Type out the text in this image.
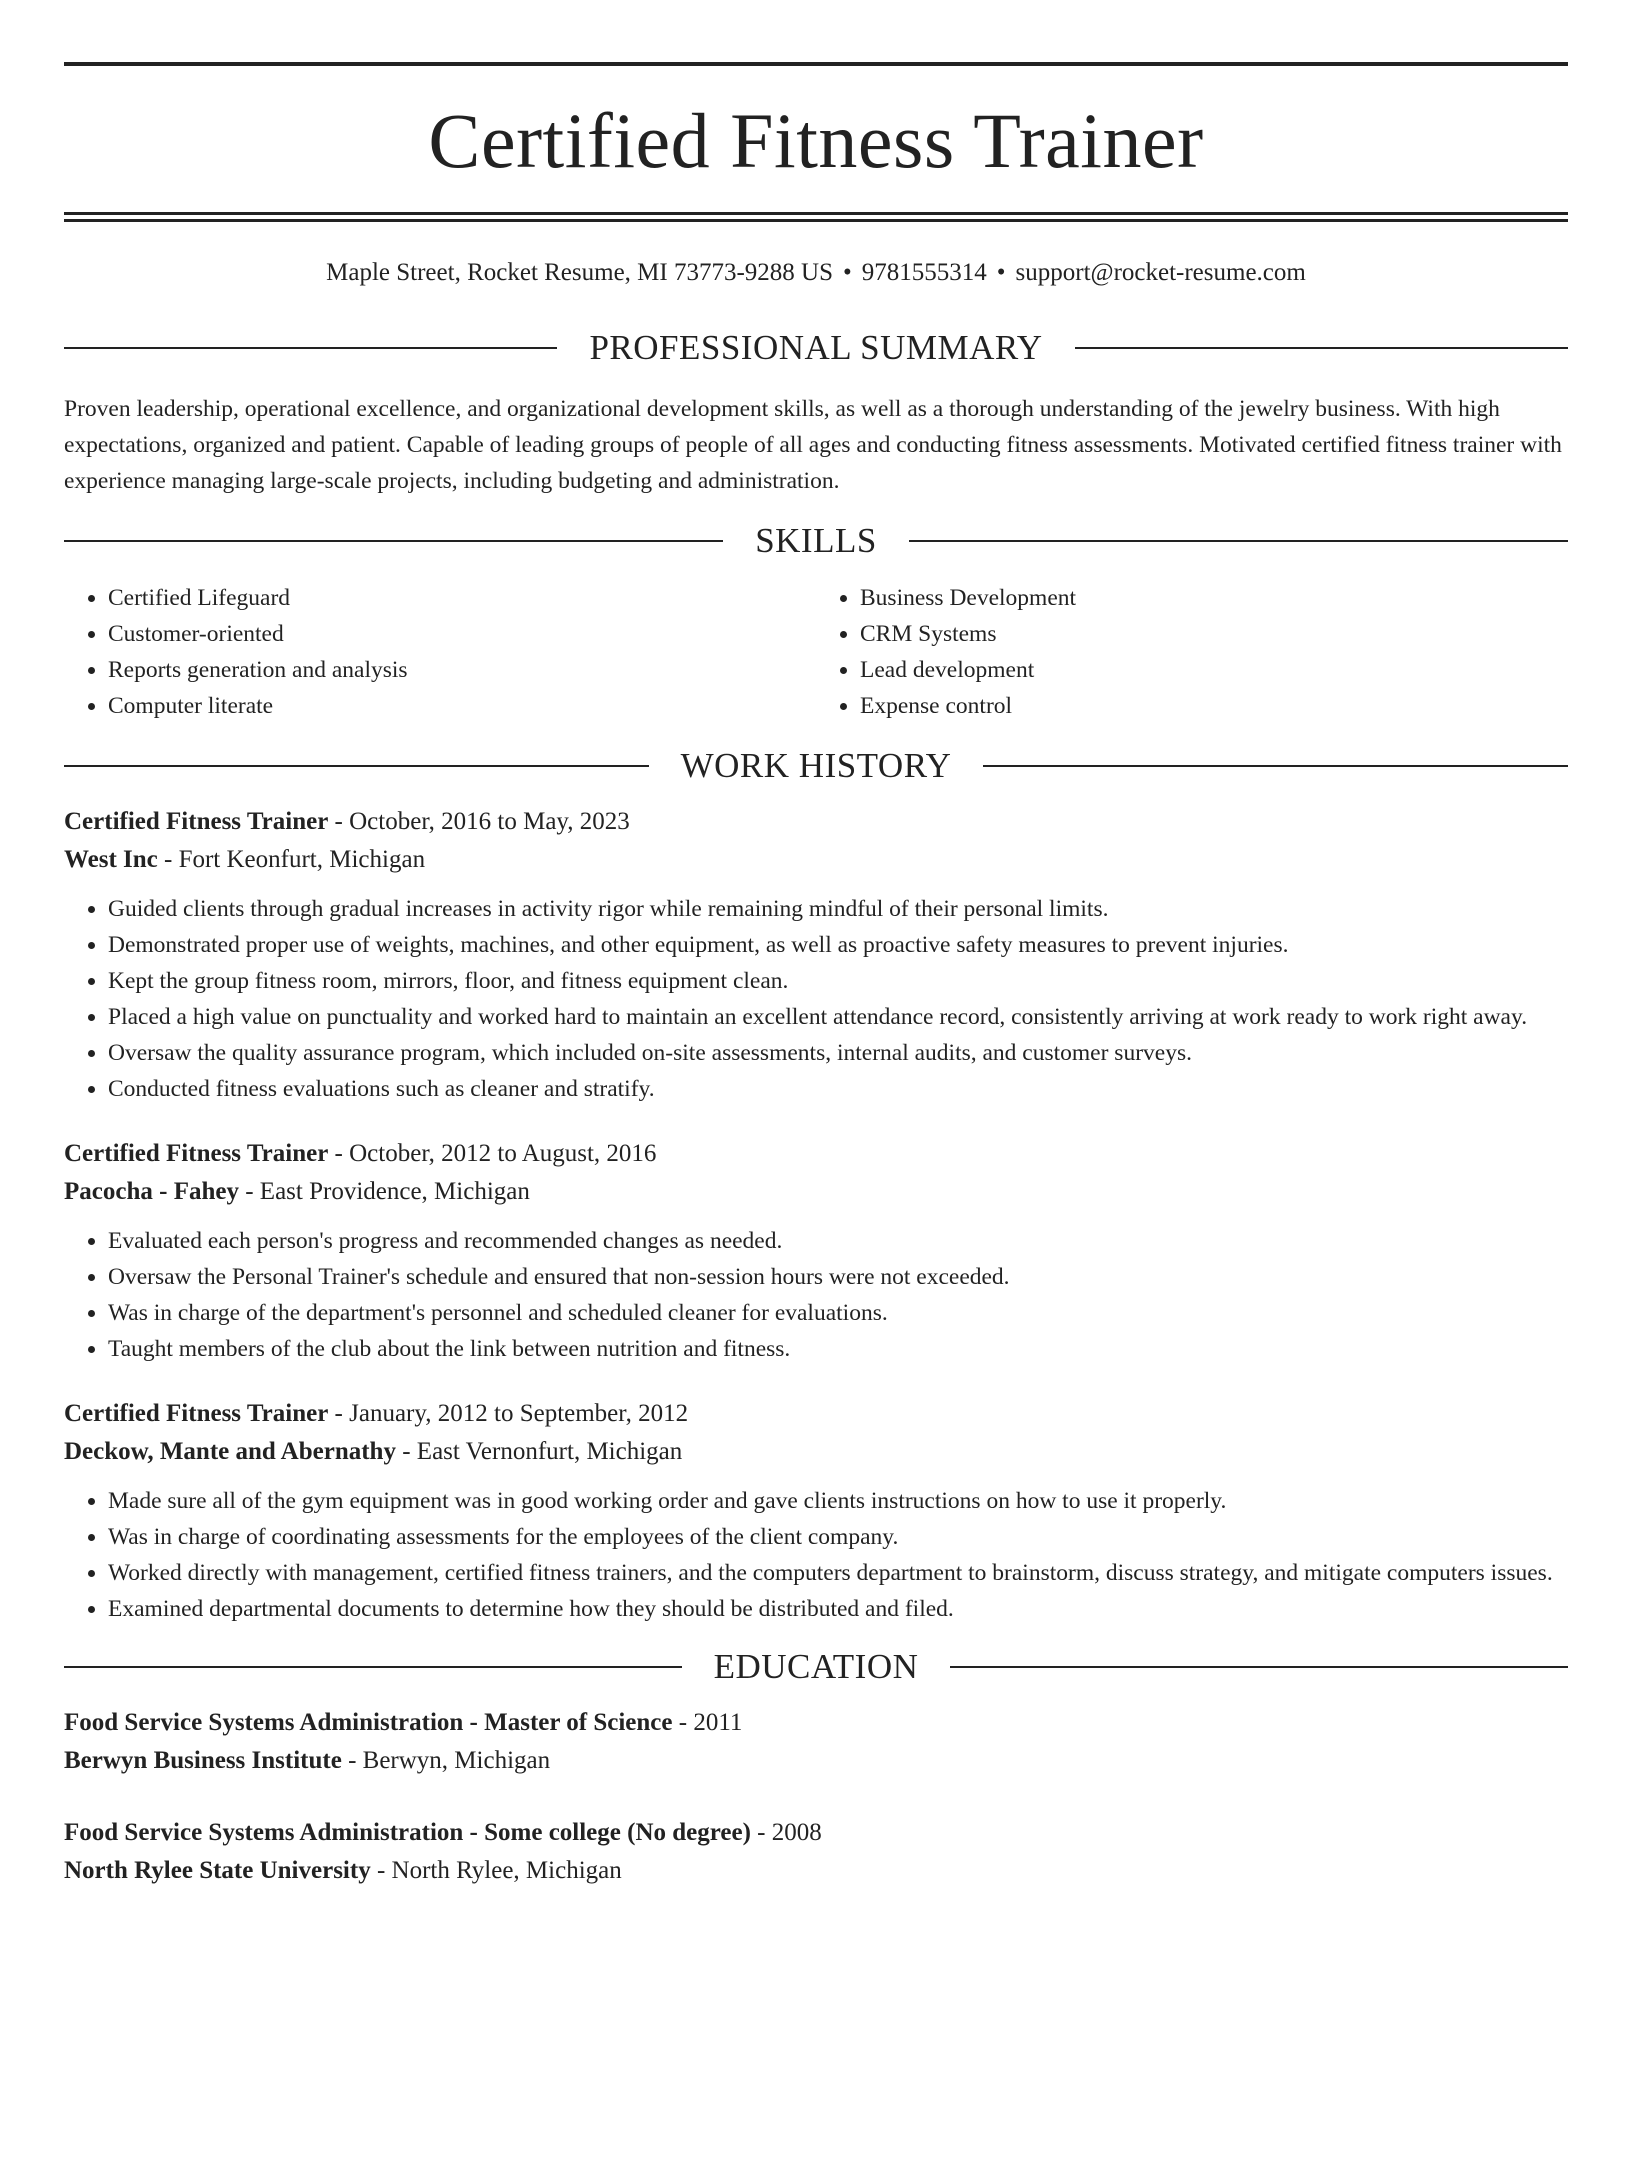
Certified Fitness Trainer
Maple Street, Rocket Resume, MI 73773-9288 US • 9781555314 • support@rocket-resume.com
PROFESSIONAL SUMMARY

Proven leadership, operational excellence, and organizational development skills, as well as a thorough understanding of the jewelry business. With high expectations, organized and patient. Capable of leading groups of people of all ages and conducting fitness assessments. Motivated certified fitness trainer with experience managing large-scale projects, including budgeting and administration.

SKILLS
• Certified Lifeguard
• Customer-oriented
• Reports generation and analysis
• Computer literate
• Business Development
• CRM Systems
• Lead development
• Expense control
WORK HISTORY
Certified Fitness Trainer - October, 2016 to May, 2023
West Inc - Fort Keonfurt, Michigan
• Guided clients through gradual increases in activity rigor while remaining mindful of their personal limits.
• Demonstrated proper use of weights, machines, and other equipment, as well as proactive safety measures to prevent injuries.
• Kept the group fitness room, mirrors, floor, and fitness equipment clean.
• Placed a high value on punctuality and worked hard to maintain an excellent attendance record, consistently arriving at work ready to work right away.
• Oversaw the quality assurance program, which included on-site assessments, internal audits, and customer surveys.
• Conducted fitness evaluations such as cleaner and stratify.
Certified Fitness Trainer - October, 2012 to August, 2016
Pacocha - Fahey - East Providence, Michigan
• Evaluated each person's progress and recommended changes as needed.
• Oversaw the Personal Trainer's schedule and ensured that non-session hours were not exceeded.
• Was in charge of the department's personnel and scheduled cleaner for evaluations.
• Taught members of the club about the link between nutrition and fitness.
Certified Fitness Trainer - January, 2012 to September, 2012
Deckow, Mante and Abernathy - East Vernonfurt, Michigan
• Made sure all of the gym equipment was in good working order and gave clients instructions on how to use it properly.
• Was in charge of coordinating assessments for the employees of the client company.
• Worked directly with management, certified fitness trainers, and the computers department to brainstorm, discuss strategy, and mitigate computers issues.
• Examined departmental documents to determine how they should be distributed and filed.
EDUCATION
Food Service Systems Administration - Master of Science - 2011
Berwyn Business Institute - Berwyn, Michigan
Food Service Systems Administration - Some college (No degree) - 2008
North Rylee State University - North Rylee, Michigan
